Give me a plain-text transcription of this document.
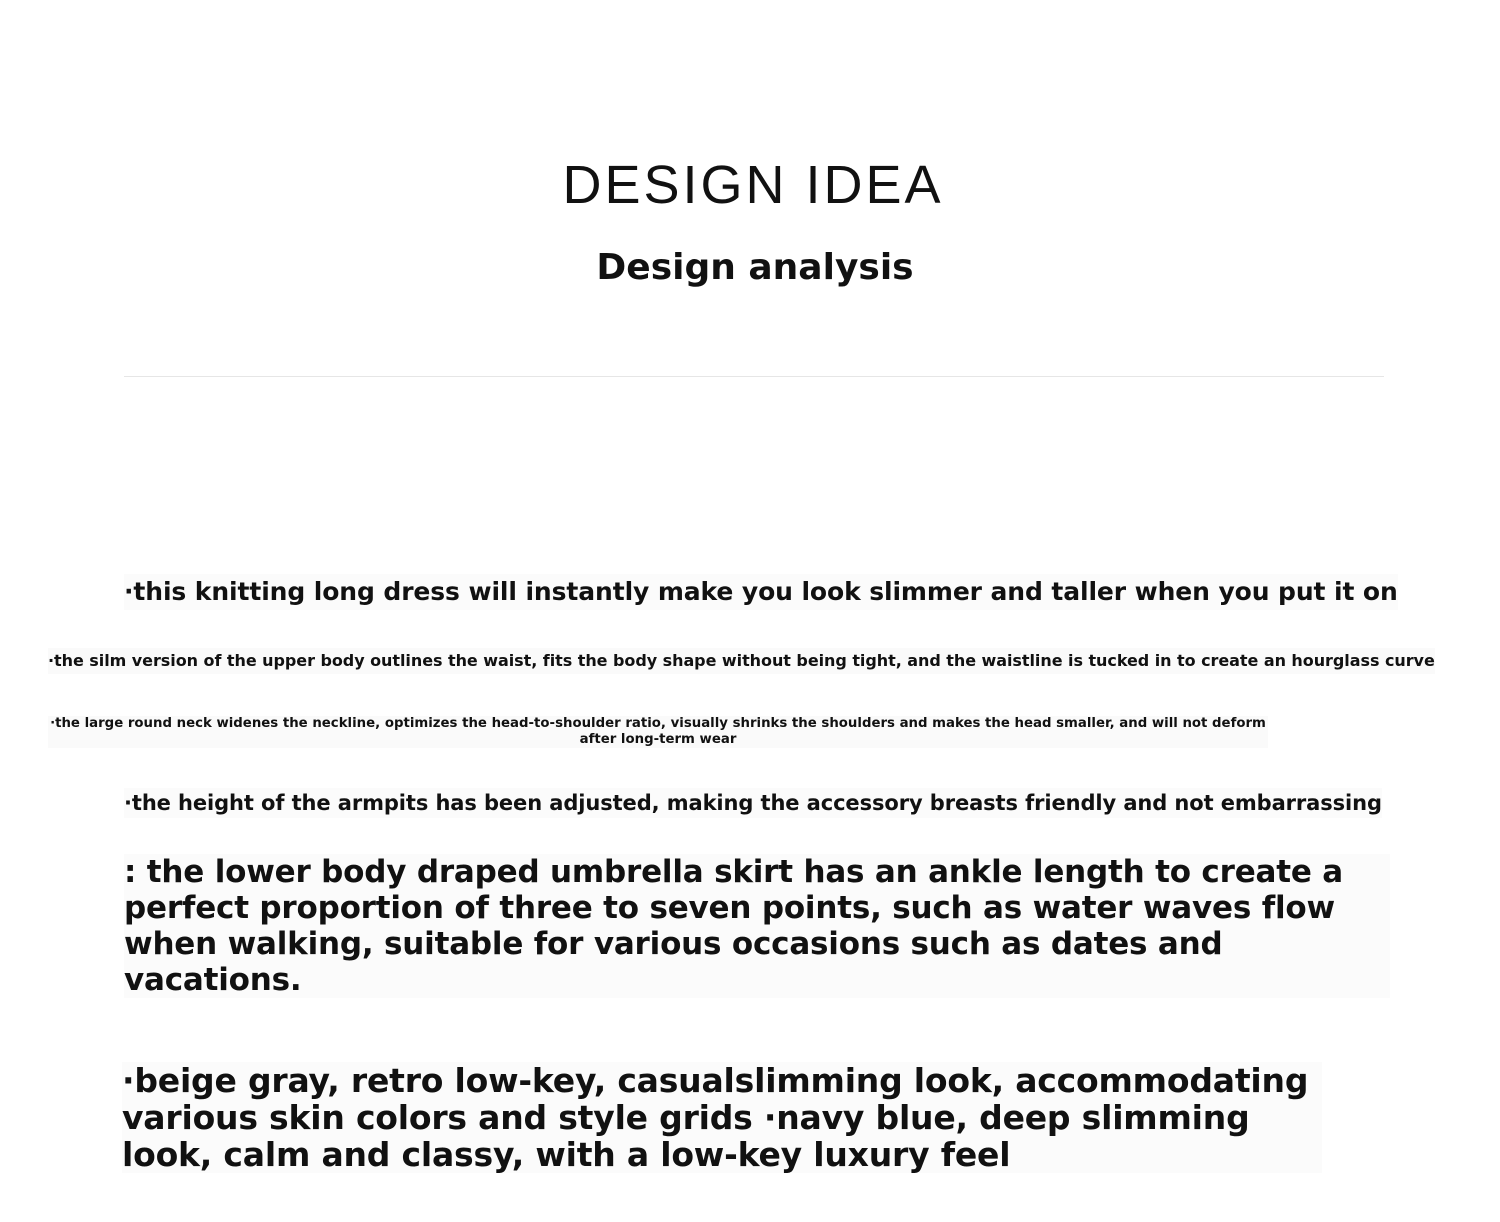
DESIGN IDEA
Design analysis

·this knitting long dress will instantly make you look slimmer and taller when you put it on

·the silm version of the upper body outlines the waist, fits the body shape without being tight, and the waistline is tucked in to create an hourglass curve

·the large round neck widenes the neckline, optimizes the head-to-shoulder ratio, visually shrinks the shoulders and makes the head smaller, and will not deform after long-term wear

·the height of the armpits has been adjusted, making the accessory breasts friendly and not embarrassing

: the lower body draped umbrella skirt has an ankle length to create a perfect proportion of three to seven points, such as water waves flow when walking, suitable for various occasions such as dates and vacations.

·beige gray, retro low-key, casualslimming look, accommodating various skin colors and style grids ·navy blue, deep slimming look, calm and classy, with a low-key luxury feel
